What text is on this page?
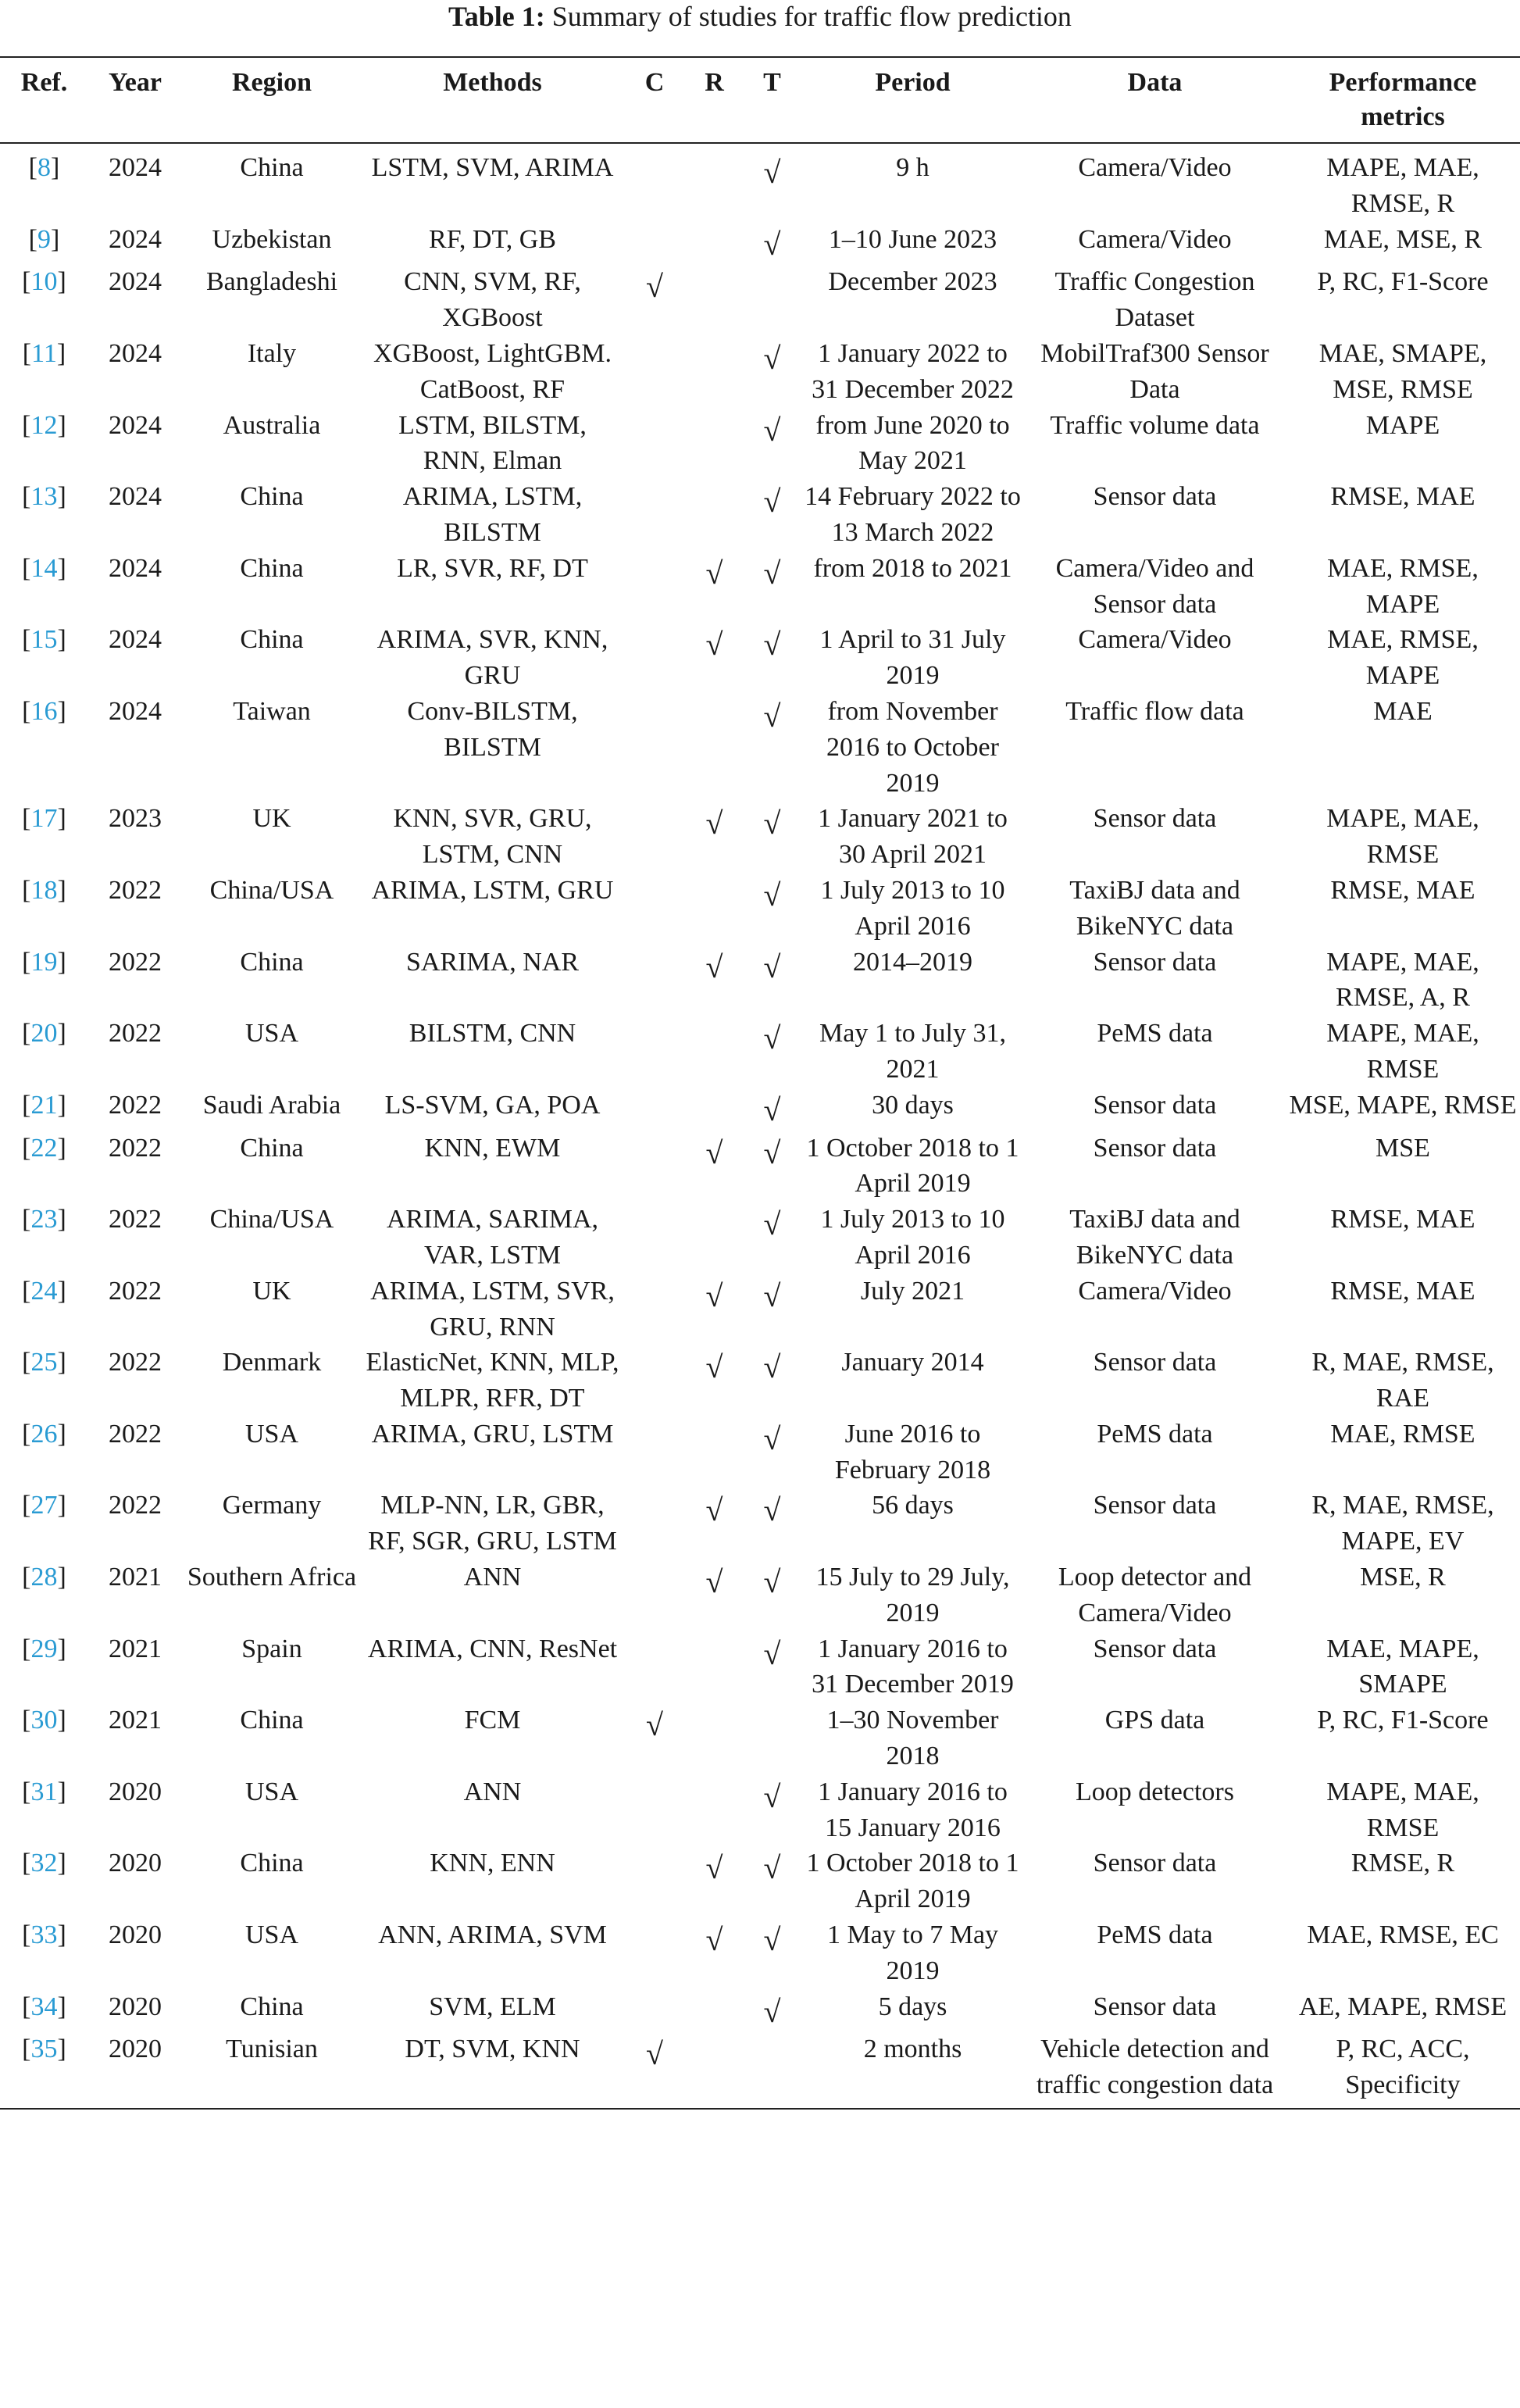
Table 1: Summary of studies for traffic flow prediction
Ref.	Year	Region	Methods	C	R	T	Period	Data	Performance metrics
[8]	2024	China	LSTM, SVM, ARIMA			√	9 h	Camera/Video	MAPE, MAE, RMSE, R
[9]	2024	Uzbekistan	RF, DT, GB			√	1–10 June 2023	Camera/Video	MAE, MSE, R
[10]	2024	Bangladeshi	CNN, SVM, RF, XGBoost	√			December 2023	Traffic Congestion Dataset	P, RC, F1-Score
[11]	2024	Italy	XGBoost, LightGBM. CatBoost, RF			√	1 January 2022 to 31 December 2022	MobilTraf300 Sensor Data	MAE, SMAPE, MSE, RMSE
[12]	2024	Australia	LSTM, BILSTM, RNN, Elman			√	from June 2020 to May 2021	Traffic volume data	MAPE
[13]	2024	China	ARIMA, LSTM, BILSTM			√	14 February 2022 to 13 March 2022	Sensor data	RMSE, MAE
[14]	2024	China	LR, SVR, RF, DT		√	√	from 2018 to 2021	Camera/Video and Sensor data	MAE, RMSE, MAPE
[15]	2024	China	ARIMA, SVR, KNN, GRU		√	√	1 April to 31 July 2019	Camera/Video	MAE, RMSE, MAPE
[16]	2024	Taiwan	Conv-BILSTM, BILSTM			√	from November 2016 to October 2019	Traffic flow data	MAE
[17]	2023	UK	KNN, SVR, GRU, LSTM, CNN		√	√	1 January 2021 to 30 April 2021	Sensor data	MAPE, MAE, RMSE
[18]	2022	China/USA	ARIMA, LSTM, GRU			√	1 July 2013 to 10 April 2016	TaxiBJ data and BikeNYC data	RMSE, MAE
[19]	2022	China	SARIMA, NAR		√	√	2014–2019	Sensor data	MAPE, MAE, RMSE, A, R
[20]	2022	USA	BILSTM, CNN			√	May 1 to July 31, 2021	PeMS data	MAPE, MAE, RMSE
[21]	2022	Saudi Arabia	LS-SVM, GA, POA			√	30 days	Sensor data	MSE, MAPE, RMSE
[22]	2022	China	KNN, EWM		√	√	1 October 2018 to 1 April 2019	Sensor data	MSE
[23]	2022	China/USA	ARIMA, SARIMA, VAR, LSTM			√	1 July 2013 to 10 April 2016	TaxiBJ data and BikeNYC data	RMSE, MAE
[24]	2022	UK	ARIMA, LSTM, SVR, GRU, RNN		√	√	July 2021	Camera/Video	RMSE, MAE
[25]	2022	Denmark	ElasticNet, KNN, MLP, MLPR, RFR, DT		√	√	January 2014	Sensor data	R, MAE, RMSE, RAE
[26]	2022	USA	ARIMA, GRU, LSTM			√	June 2016 to February 2018	PeMS data	MAE, RMSE
[27]	2022	Germany	MLP-NN, LR, GBR, RF, SGR, GRU, LSTM		√	√	56 days	Sensor data	R, MAE, RMSE, MAPE, EV
[28]	2021	Southern Africa	ANN		√	√	15 July to 29 July, 2019	Loop detector and Camera/Video	MSE, R
[29]	2021	Spain	ARIMA, CNN, ResNet			√	1 January 2016 to 31 December 2019	Sensor data	MAE, MAPE, SMAPE
[30]	2021	China	FCM	√			1–30 November 2018	GPS data	P, RC, F1-Score
[31]	2020	USA	ANN			√	1 January 2016 to 15 January 2016	Loop detectors	MAPE, MAE, RMSE
[32]	2020	China	KNN, ENN		√	√	1 October 2018 to 1 April 2019	Sensor data	RMSE, R
[33]	2020	USA	ANN, ARIMA, SVM		√	√	1 May to 7 May 2019	PeMS data	MAE, RMSE, EC
[34]	2020	China	SVM, ELM			√	5 days	Sensor data	AE, MAPE, RMSE
[35]	2020	Tunisian	DT, SVM, KNN	√			2 months	Vehicle detection and traffic congestion data	P, RC, ACC, Specificity
